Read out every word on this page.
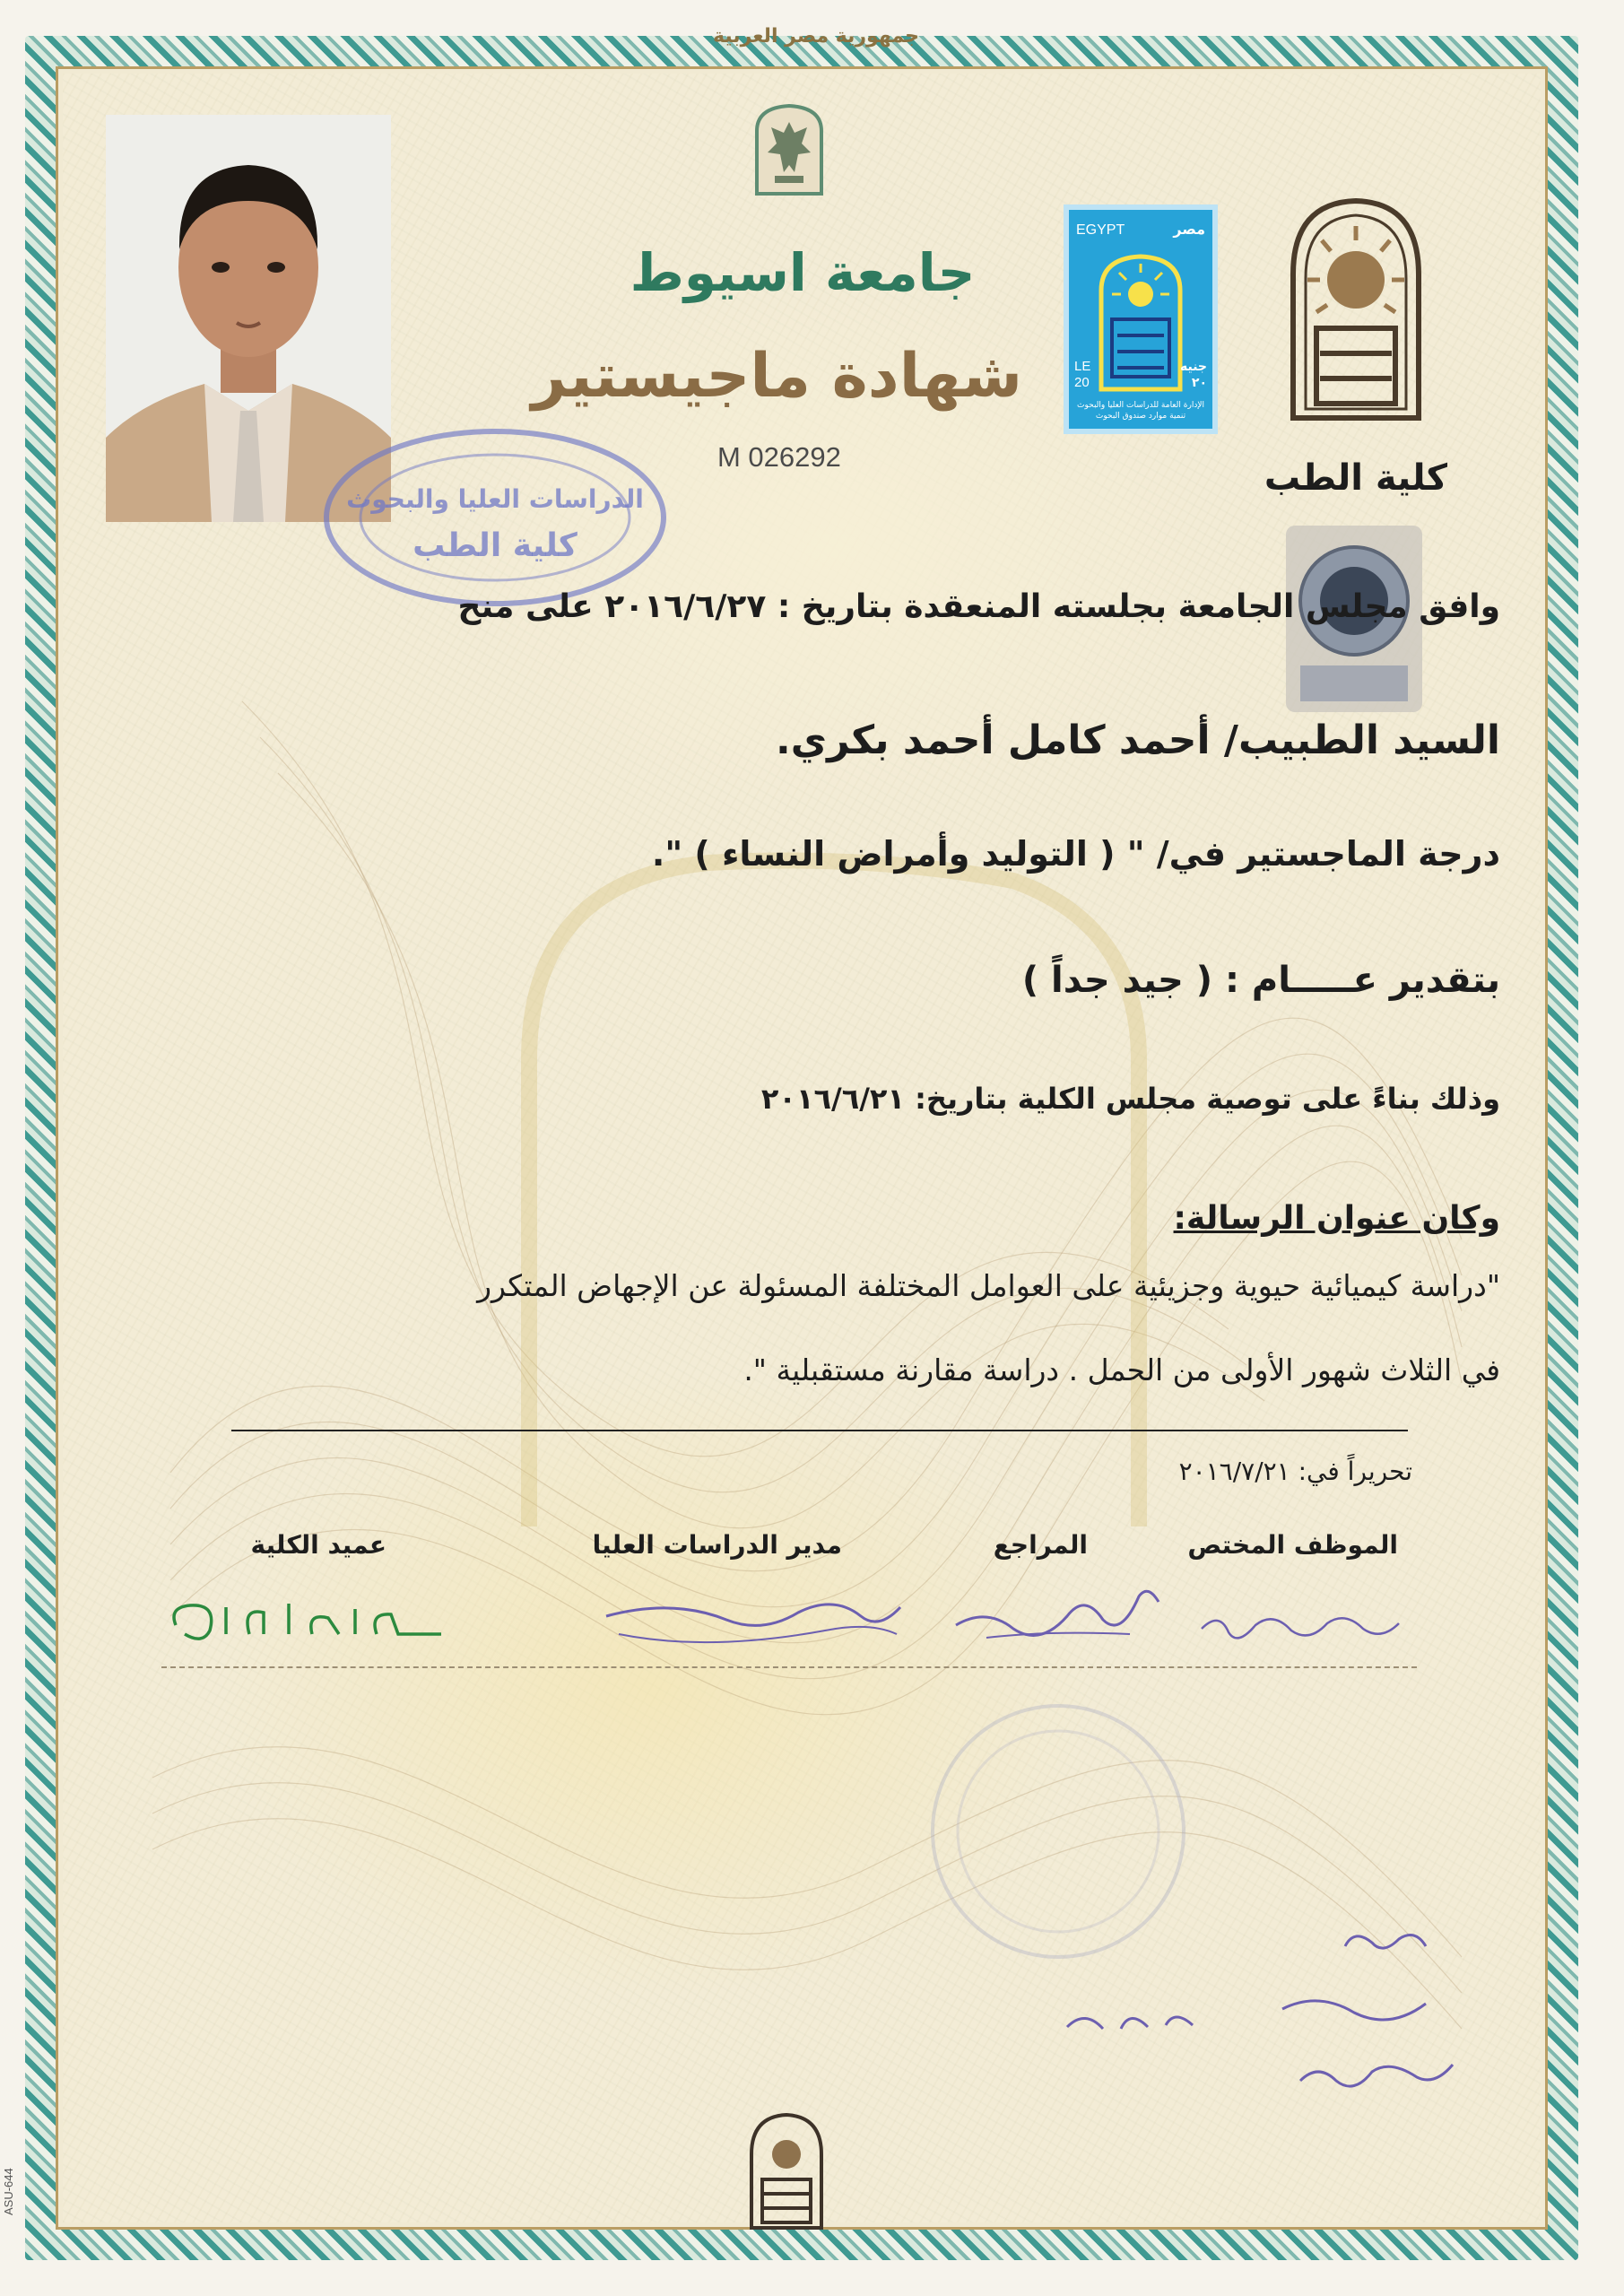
جمهورية مصر العربية
جامعة اسيوط
شهادة ماجيستير
M 026292
الدراسات العليا والبحوث
كلية الطب
EGYPT	مصر
LE
20
جنيه
٢٠
الإدارة العامة للدراسات العليا والبحوث
تنمية موارد صندوق البحوث
كلية الطب
وافق مجلس الجامعة بجلسته المنعقدة بتاريخ : ٢٠١٦/٦/٢٧ على منح
السيد الطبيب/ أحمد كامل أحمد بكري.
درجة الماجستير في/ " ( التوليد وأمراض النساء ) ".
بتقدير عـــــام : ( جيد جداً )
وذلك بناءً على توصية مجلس الكلية بتاريخ: ٢٠١٦/٦/٢١
وكان عنوان الرسالة:
"دراسة كيميائية حيوية وجزيئية على العوامل المختلفة المسئولة عن الإجهاض المتكرر
في الثلاث شهور الأولى من الحمل . دراسة مقارنة مستقبلية ".
تحريراً في: ٢٠١٦/٧/٢١
الموظف المختص
المراجع
مدير الدراسات العليا
عميد الكلية
ASU-644
